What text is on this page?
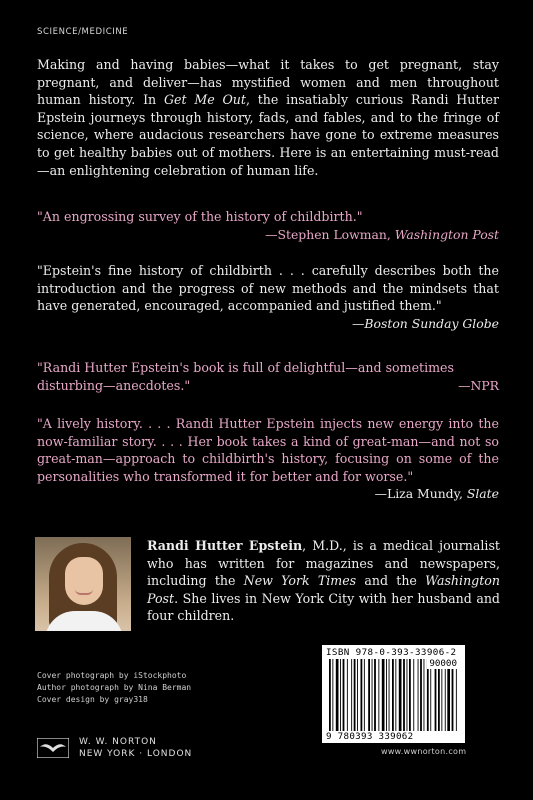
SCIENCE/MEDICINE

Making and having babies—what it takes to get pregnant, stay pregnant, and deliver—has mystified women and men throughout human history. In Get Me Out, the insatiably curious Randi Hutter Epstein journeys through history, fads, and fables, and to the fringe of science, where audacious researchers have gone to extreme measures to get healthy babies out of mothers. Here is an entertaining must-read—an enlightening celebration of human life.

"An engrossing survey of the history of childbirth."

—Stephen Lowman, Washington Post

"Epstein's fine history of childbirth . . . carefully describes both the introduction and the progress of new methods and the mindsets that have generated, encouraged, accompanied and justified them."

—Boston Sunday Globe

"Randi Hutter Epstein's book is full of delightful—and sometimes disturbing—anecdotes."	—NPR

"A lively history. . . . Randi Hutter Epstein injects new energy into the now-familiar story. . . . Her book takes a kind of great-man—and not so great-man—approach to childbirth's history, focusing on some of the personalities who transformed it for better and for worse."

—Liza Mundy, Slate

Randi Hutter Epstein, M.D., is a medical journalist who has written for magazines and newspapers, including the New York Times and the Washington Post. She lives in New York City with her husband and four children.

Cover photograph by iStockphoto
Author photograph by Nina Berman
Cover design by gray318
W. W. NORTON
NEW YORK · LONDON
ISBN 978-0-393-33906-2
9 780393 339062
90000
www.wwnorton.com
